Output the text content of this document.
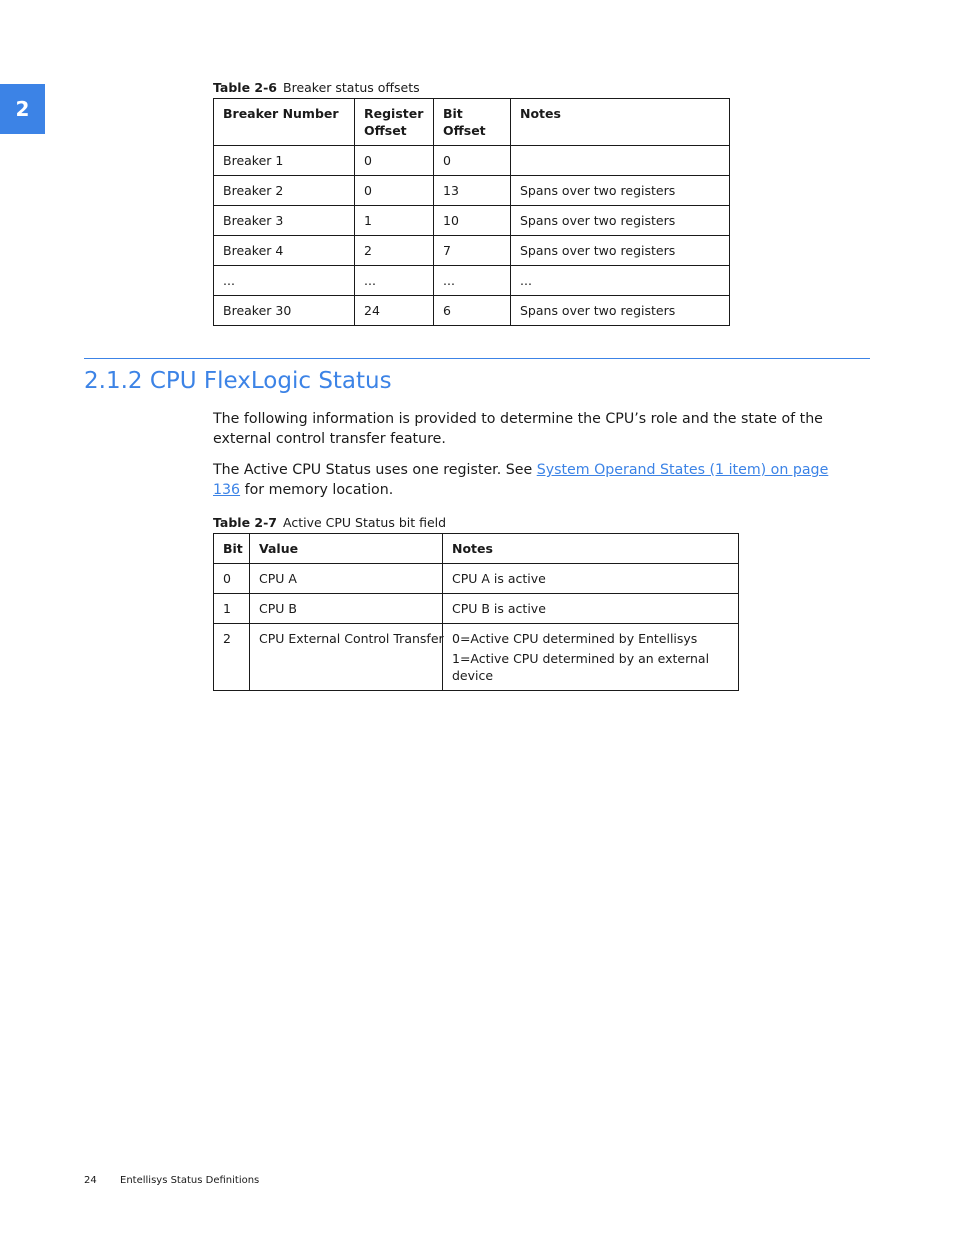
2
Table 2-6 Breaker status offsets
Breaker Number	Register Offset	Bit Offset	Notes
Breaker 1	0	0	
Breaker 2	0	13	Spans over two registers
Breaker 3	1	10	Spans over two registers
Breaker 4	2	7	Spans over two registers
...	...	...	...
Breaker 30	24	6	Spans over two registers
2.1.2 CPU FlexLogic Status

The following information is provided to determine the CPU’s role and the state of the external control transfer feature.

The Active CPU Status uses one register. See System Operand States (1 item) on page 136 for memory location.

Table 2-7 Active CPU Status bit field
Bit	Value	Notes
0	CPU A	CPU A is active

1	CPU B	CPU B is active

2	CPU External Control Transfer	0=Active CPU determined by Entellisys
1=Active CPU determined by an external device
24 Entellisys Status Definitions
